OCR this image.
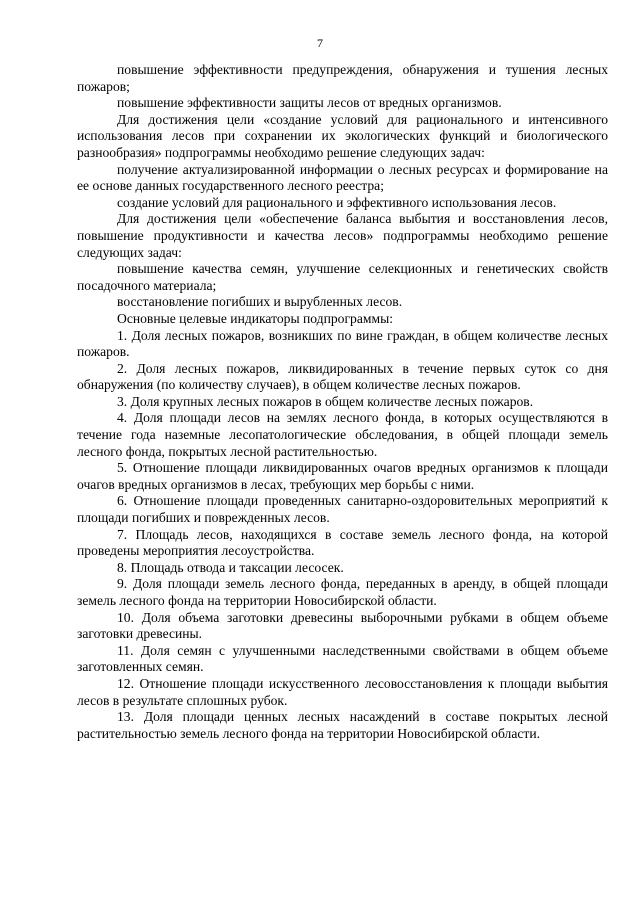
7

повышение эффективности предупреждения, обнаружения и тушения лесных пожаров;

повышение эффективности защиты лесов от вредных организмов.

Для достижения цели «создание условий для рационального и интенсивного использования лесов при сохранении их экологических функций и биологического разнообразия» подпрограммы необходимо решение следующих задач:

получение актуализированной информации о лесных ресурсах и формирование на ее основе данных государственного лесного реестра;

создание условий для рационального и эффективного использования лесов.

Для достижения цели «обеспечение баланса выбытия и восстановления лесов, повышение продуктивности и качества лесов» подпрограммы необходимо решение следующих задач:

повышение качества семян, улучшение селекционных и генетических свойств посадочного материала;

восстановление погибших и вырубленных лесов.

Основные целевые индикаторы подпрограммы:

1. Доля лесных пожаров, возникших по вине граждан, в общем количестве лесных пожаров.

2. Доля лесных пожаров, ликвидированных в течение первых суток со дня обнаружения (по количеству случаев), в общем количестве лесных пожаров.

3. Доля крупных лесных пожаров в общем количестве лесных пожаров.

4. Доля площади лесов на землях лесного фонда, в которых осуществляются в течение года наземные лесопатологические обследования, в общей площади земель лесного фонда, покрытых лесной растительностью.

5. Отношение площади ликвидированных очагов вредных организмов к площади очагов вредных организмов в лесах, требующих мер борьбы с ними.

6. Отношение площади проведенных санитарно-оздоровительных мероприятий к площади погибших и поврежденных лесов.

7. Площадь лесов, находящихся в составе земель лесного фонда, на которой проведены мероприятия лесоустройства.

8. Площадь отвода и таксации лесосек.

9. Доля площади земель лесного фонда, переданных в аренду, в общей площади земель лесного фонда на территории Новосибирской области.

10. Доля объема заготовки древесины выборочными рубками в общем объеме заготовки древесины.

11. Доля семян с улучшенными наследственными свойствами в общем объеме заготовленных семян.

12. Отношение площади искусственного лесовосстановления к площади выбытия лесов в результате сплошных рубок.

13. Доля площади ценных лесных насаждений в составе покрытых лесной растительностью земель лесного фонда на территории Новосибирской области.
